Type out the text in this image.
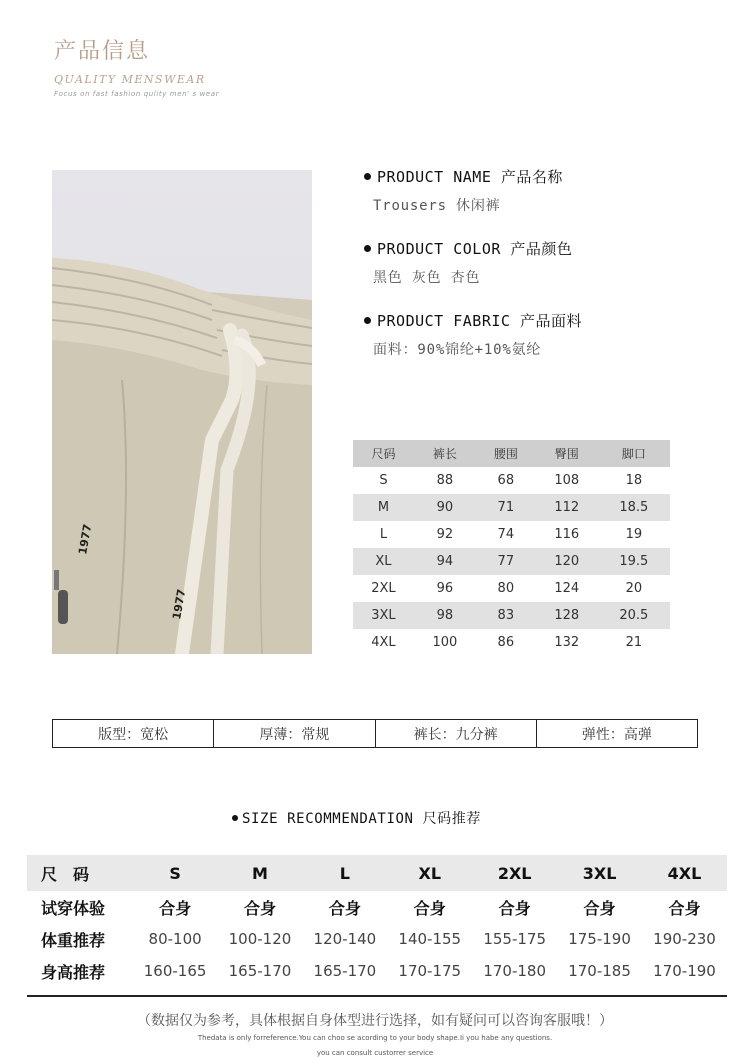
产品信息
QUALITY MENSWEAR
Focus on fast fashion qulity men' s wear
1977
1977
PRODUCT NAME 产品名称
Trousers 休闲裤
PRODUCT COLOR 产品颜色
黑色 灰色 杏色
PRODUCT FABRIC 产品面料
面料：90%锦纶+10%氨纶
尺码	裤长	腰围	臀围	脚口
S	88	68	108	18
M	90	71	112	18.5
L	92	74	116	19
XL	94	77	120	19.5
2XL	96	80	124	20
3XL	98	83	128	20.5
4XL	100	86	132	21
版型：宽松	厚薄：常规	裤长：九分裤	弹性：高弹
SIZE RECOMMENDATION 尺码推荐
尺　码	S	M	L	XL	2XL	3XL	4XL
试穿体验	合身	合身	合身	合身	合身	合身	合身
体重推荐	80-100	100-120	120-140	140-155	155-175	175-190	190-230
身高推荐	160-165	165-170	165-170	170-175	170-180	170-185	170-190
（数据仅为参考，具体根据自身体型进行选择，如有疑问可以咨询客服哦！）
Thedata is only forreference.You can choo se acording to your body shape.Ii you habe any questions.
you can consult custorrer service
